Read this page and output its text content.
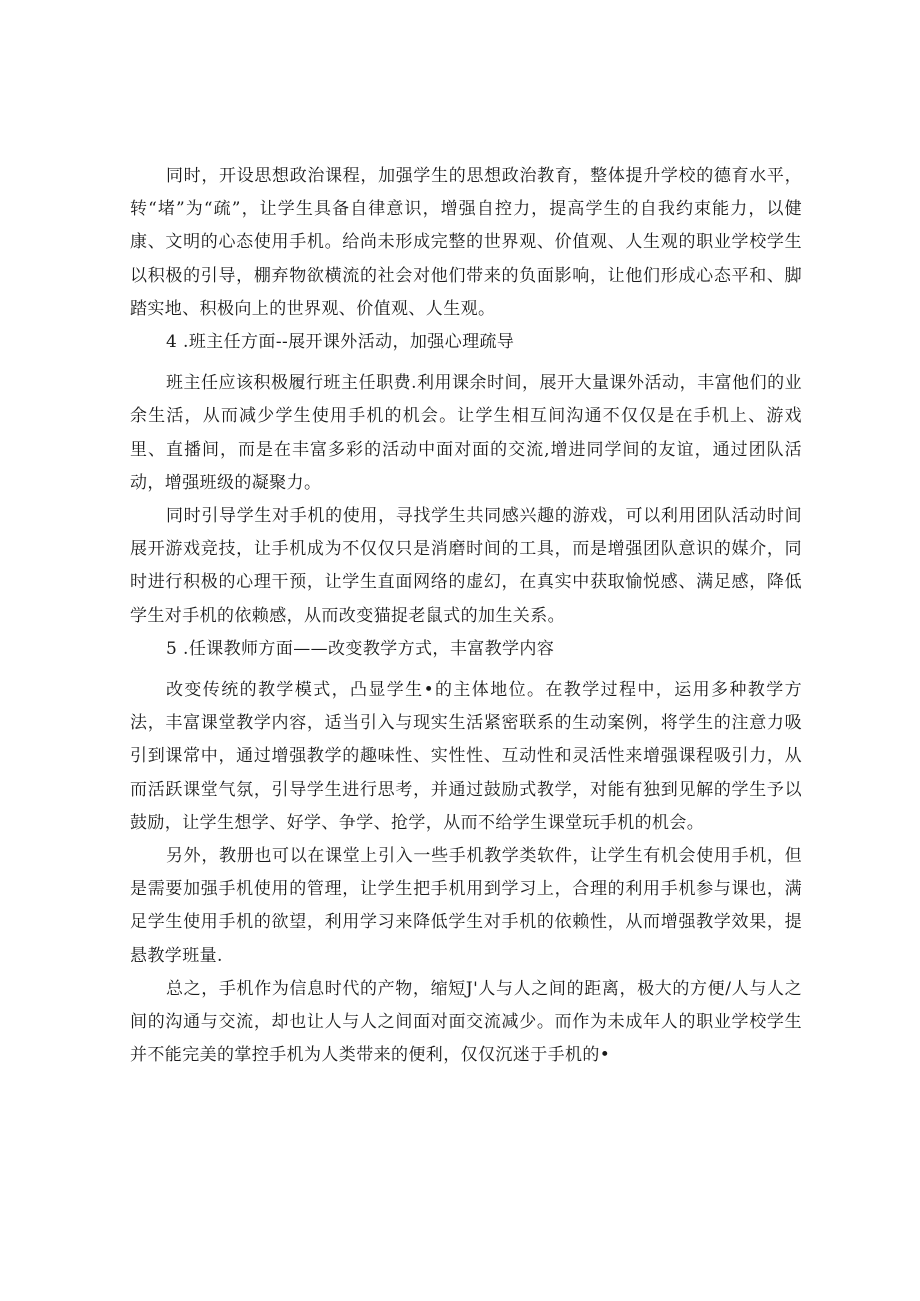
同时，开设思想政治课程，加强学生的思想政治教育，整体提升学校的德育水平，转“堵”为“疏”，让学生具备自律意识，增强自控力，提高学生的自我约束能力，以健康、文明的心态使用手机。给尚未形成完整的世界观、价值观、人生观的职业学校学生以积极的引导，棚弃物欲横流的社会对他们带来的负面影响，让他们形成心态平和、脚踏实地、积极向上的世界观、价值观、人生观。

4 .班主任方面--展开课外活动，加强心理疏导

班主任应该积极履行班主任职费.利用课余时间，展开大量课外活动，丰富他们的业余生活，从而减少学生使用手机的机会。让学生相互间沟通不仅仅是在手机上、游戏里、直播间，而是在丰富多彩的活动中面对面的交流,增进同学间的友谊，通过团队活动，增强班级的凝聚力。

同时引导学生对手机的使用，寻找学生共同感兴趣的游戏，可以利用团队活动时间展开游戏竞技，让手机成为不仅仅只是消磨时间的工具，而是增强团队意识的媒介，同时进行积极的心理干预，让学生直面网络的虚幻，在真实中获取愉悦感、满足感，降低学生对手机的依赖感，从而改变猫捉老鼠式的加生关系。

5 .任课教师方面——改变教学方式，丰富教学内容

改变传统的教学模式，凸显学生•的主体地位。在教学过程中，运用多种教学方法，丰富课堂教学内容，适当引入与现实生活紧密联系的生动案例，将学生的注意力吸引到课常中，通过增强教学的趣味性、实性性、互动性和灵活性来增强课程吸引力，从而活跃课堂气氛，引导学生进行思考，并通过鼓励式教学，对能有独到见解的学生予以鼓励，让学生想学、好学、争学、抢学，从而不给学生课堂玩手机的机会。

另外，教册也可以在课堂上引入一些手机教学类软件，让学生有机会使用手机，但是需要加强手机使用的管理，让学生把手机用到学习上，合理的利用手机参与课也，满足学生使用手机的欲望，利用学习来降低学生对手机的依赖性，从而增强教学效果，提悬教学班量.

总之，手机作为信息时代的产物，缩短J'人与人之间的距离，极大的方便/人与人之间的沟通与交流，却也让人与人之间面对面交流减少。而作为未成年人的职业学校学生并不能完美的掌控手机为人类带来的便利，仅仅沉迷于手机的•
